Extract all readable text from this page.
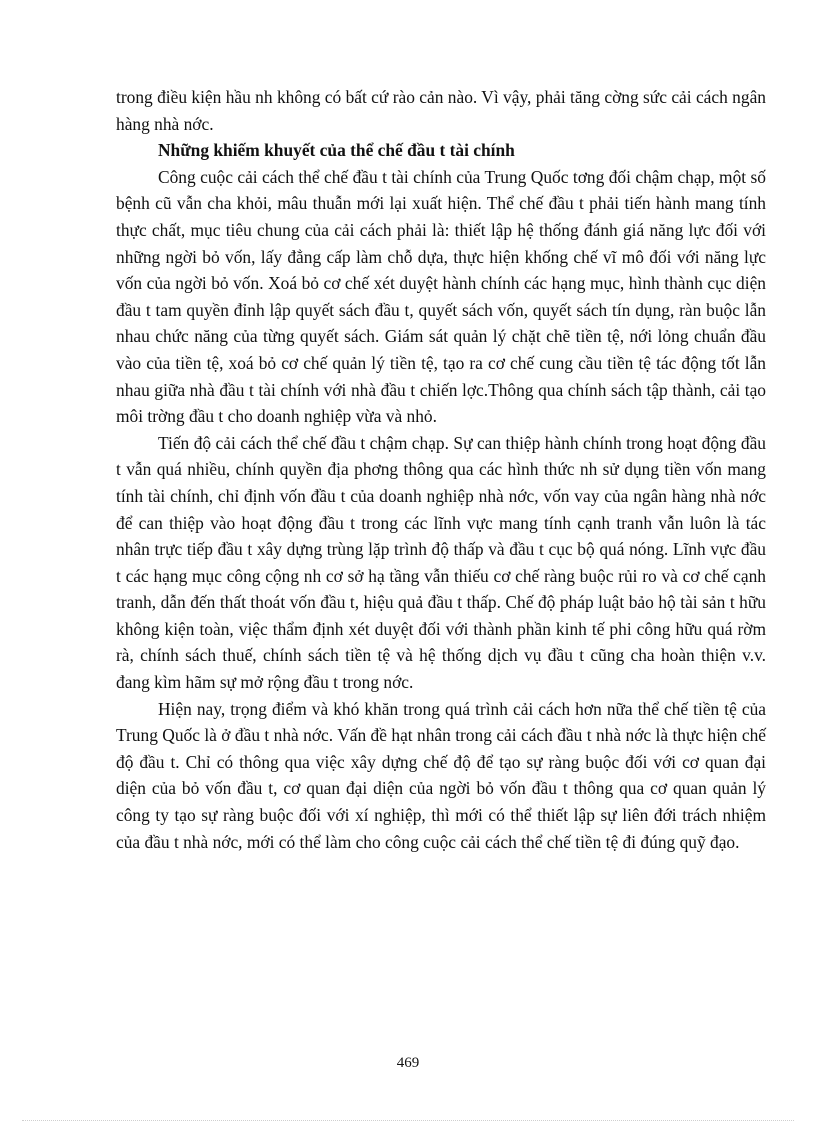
trong điều kiện hầu nh không có bất cứ rào cản nào. Vì vậy, phải tăng cờng sức cải cách ngân hàng nhà nớc.

Những khiếm khuyết của thể chế đầu t tài chính

Công cuộc cải cách thể chế đầu t tài chính của Trung Quốc tơng đối chậm chạp, một số bệnh cũ vẫn cha khỏi, mâu thuẫn mới lại xuất hiện. Thể chế đầu t phải tiến hành mang tính thực chất, mục tiêu chung của cải cách phải là: thiết lập hệ thống đánh giá năng lực đối với những ngời bỏ vốn, lấy đẳng cấp làm chỗ dựa, thực hiện khống chế vĩ mô đối với năng lực vốn của ngời bỏ vốn. Xoá bỏ cơ chế xét duyệt hành chính các hạng mục, hình thành cục diện đầu t tam quyền đỉnh lập quyết sách đầu t, quyết sách vốn, quyết sách tín dụng, ràn buộc lẫn nhau chức năng của từng quyết sách. Giám sát quản lý chặt chẽ tiền tệ, nới lỏng chuẩn đầu vào của tiền tệ, xoá bỏ cơ chế quản lý tiền tệ, tạo ra cơ chế cung cầu tiền tệ tác động tốt lẫn nhau giữa nhà đầu t tài chính với nhà đầu t chiến lợc.Thông qua chính sách tập thành, cải tạo môi trờng đầu t cho doanh nghiệp vừa và nhỏ.

Tiến độ cải cách thể chế đầu t chậm chạp. Sự can thiệp hành chính trong hoạt động đầu t vẫn quá nhiều, chính quyền địa phơng thông qua các hình thức nh sử dụng tiền vốn mang tính tài chính, chỉ định vốn đầu t của doanh nghiệp nhà nớc, vốn vay của ngân hàng nhà nớc để can thiệp vào hoạt động đầu t trong các lĩnh vực mang tính cạnh tranh vẫn luôn là tác nhân trực tiếp đầu t xây dựng trùng lặp trình độ thấp và đầu t cục bộ quá nóng. Lĩnh vực đầu t các hạng mục công cộng nh cơ sở hạ tầng vẫn thiếu cơ chế ràng buộc rủi ro và cơ chế cạnh tranh, dẫn đến thất thoát vốn đầu t, hiệu quả đầu t thấp. Chế độ pháp luật bảo hộ tài sản t hữu không kiện toàn, việc thẩm định xét duyệt đối với thành phần kinh tế phi công hữu quá rờm rà, chính sách thuế, chính sách tiền tệ và hệ thống dịch vụ đầu t cũng cha hoàn thiện v.v. đang kìm hãm sự mở rộng đầu t trong nớc.

Hiện nay, trọng điểm và khó khăn trong quá trình cải cách hơn nữa thể chế tiền tệ của Trung Quốc là ở đầu t nhà nớc. Vấn đề hạt nhân trong cải cách đầu t nhà nớc là thực hiện chế độ đầu t. Chỉ có thông qua việc xây dựng chế độ để tạo sự ràng buộc đối với cơ quan đại diện của bỏ vốn đầu t, cơ quan đại diện của ngời bỏ vốn đầu t thông qua cơ quan quản lý công ty tạo sự ràng buộc đối với xí nghiệp, thì mới có thể thiết lập sự liên đới trách nhiệm của đầu t nhà nớc, mới có thể làm cho công cuộc cải cách thể chế tiền tệ đi đúng quỹ đạo.

469
